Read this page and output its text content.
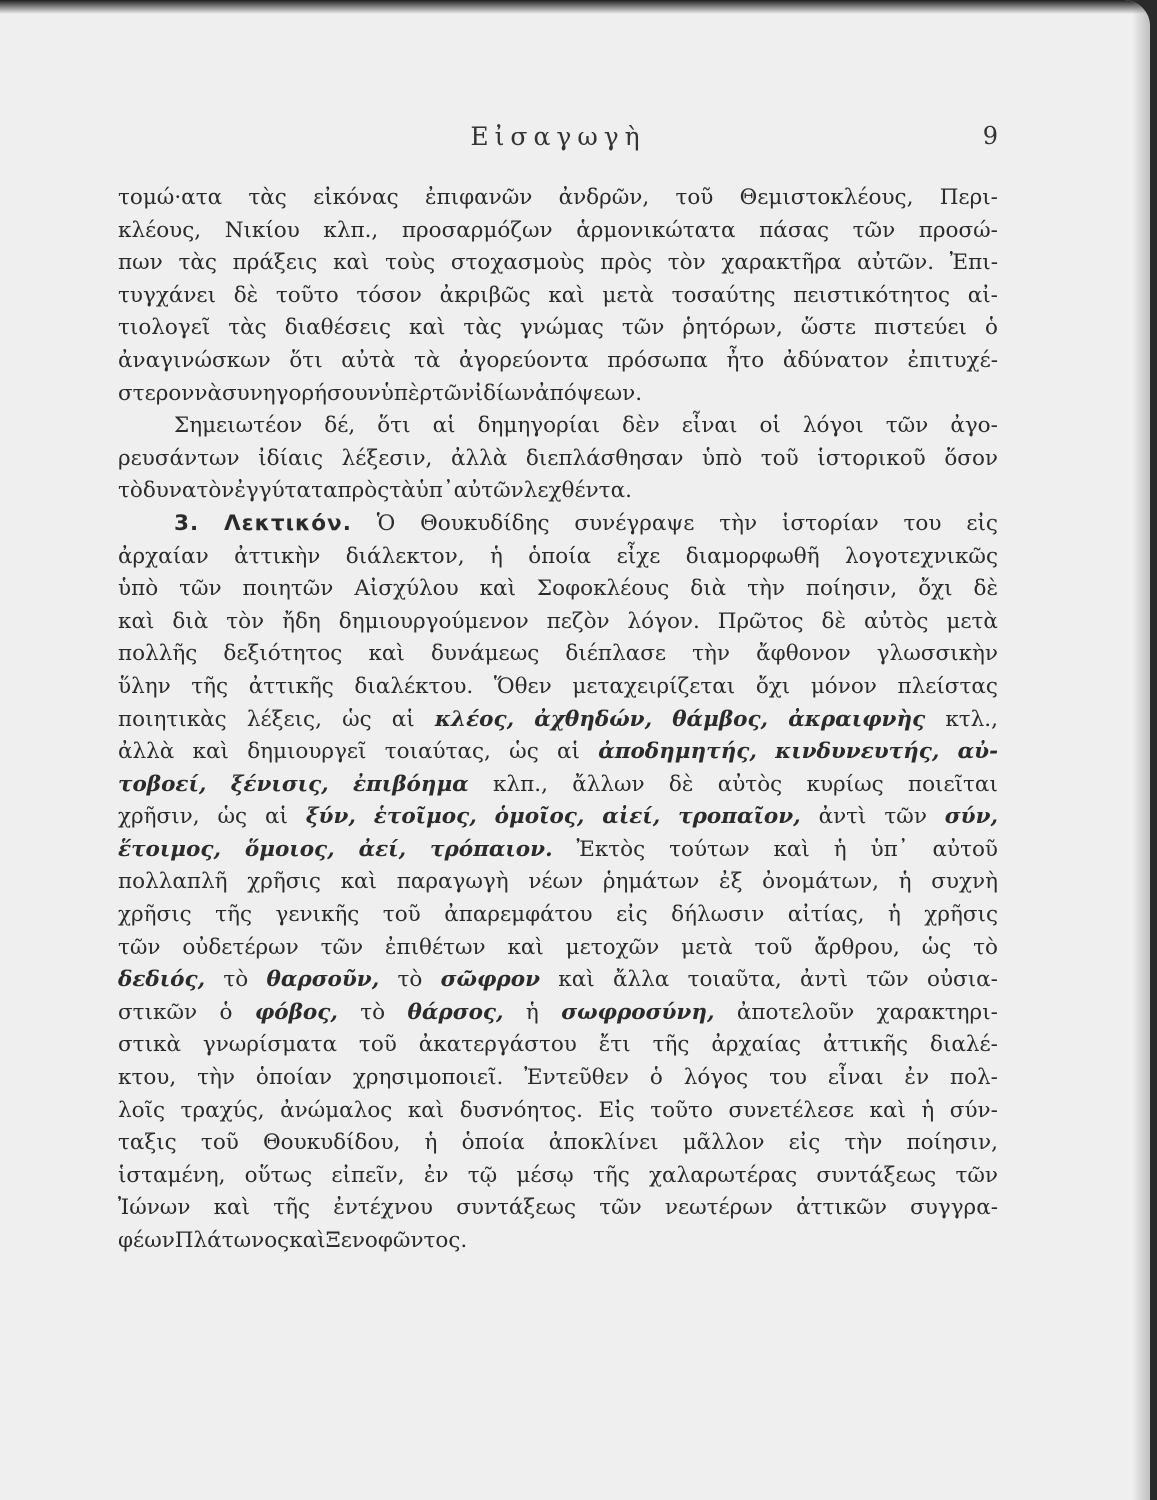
Εἰσαγωγὴ	9
τομώ·ατα τὰς εἰκόνας ἐπιφανῶν ἀνδρῶν, τοῦ Θεμιστοκλέους, Περι-
κλέους, Νικίου κλπ., προσαρμόζων ἁρμονικώτατα πάσας τῶν προσώ-
πων τὰς πράξεις καὶ τοὺς στοχασμοὺς πρὸς τὸν χαρακτῆρα αὐτῶν. Ἐπι-
τυγχάνει δὲ τοῦτο τόσον ἀκριβῶς καὶ μετὰ τοσαύτης πειστικότητος αἰ-
τιολογεῖ τὰς διαθέσεις καὶ τὰς γνώμας τῶν ῥητόρων, ὥστε πιστεύει ὁ
ἀναγινώσκων ὅτι αὐτὰ τὰ ἀγορεύοντα πρόσωπα ἦτο ἀδύνατον ἐπιτυχέ-
στερον νὰ συνηγορήσουν ὑπὲρ τῶν ἰδίων ἀπόψεων.
Σημειωτέον δέ, ὅτι αἱ δημηγορίαι δὲν εἶναι οἱ λόγοι τῶν ἀγο-
ρευσάντων ἰδίαις λέξεσιν, ἀλλὰ διεπλάσθησαν ὑπὸ τοῦ ἱστορικοῦ ὅσον
τὸ δυνατὸν ἐγγύτατα πρὸς τὰ ὑπ᾽ αὐτῶν λεχθέντα.
3. Λεκτικόν. Ὁ Θουκυδίδης συνέγραψε τὴν ἱστορίαν του εἰς
ἀρχαίαν ἀττικὴν διάλεκτον, ἡ ὁποία εἶχε διαμορφωθῆ λογοτεχνικῶς
ὑπὸ τῶν ποιητῶν Αἰσχύλου καὶ Σοφοκλέους διὰ τὴν ποίησιν, ὄχι δὲ
καὶ διὰ τὸν ἤδη δημιουργούμενον πεζὸν λόγον. Πρῶτος δὲ αὐτὸς μετὰ
πολλῆς δεξιότητος καὶ δυνάμεως διέπλασε τὴν ἄφθονον γλωσσικὴν
ὕλην τῆς ἀττικῆς διαλέκτου. Ὅθεν μεταχειρίζεται ὄχι μόνον πλείστας
ποιητικὰς λέξεις, ὡς αἱ κλέος, ἀχθηδών, θάμβος, ἀκραιφνὴς κτλ.,
ἀλλὰ καὶ δημιουργεῖ τοιαύτας, ὡς αἱ ἀποδημητής, κινδυνευτής, αὐ-
τοβοεί, ξένισις, ἐπιβόημα κλπ., ἄλλων δὲ αὐτὸς κυρίως ποιεῖται
χρῆσιν, ὡς αἱ ξύν, ἑτοῖμος, ὁμοῖος, αἰεί, τροπαῖον, ἀντὶ τῶν σύν,
ἕτοιμος, ὅμοιος, ἀεί, τρόπαιον. Ἐκτὸς τούτων καὶ ἡ ὑπ᾽ αὐτοῦ
πολλαπλῆ χρῆσις καὶ παραγωγὴ νέων ῥημάτων ἐξ ὀνομάτων, ἡ συχνὴ
χρῆσις τῆς γενικῆς τοῦ ἀπαρεμφάτου εἰς δήλωσιν αἰτίας, ἡ χρῆσις
τῶν οὐδετέρων τῶν ἐπιθέτων καὶ μετοχῶν μετὰ τοῦ ἄρθρου, ὡς τὸ
δεδιός, τὸ θαρσοῦν, τὸ σῶφρον καὶ ἄλλα τοιαῦτα, ἀντὶ τῶν οὐσια-
στικῶν ὁ φόβος, τὸ θάρσος, ἡ σωφροσύνη, ἀποτελοῦν χαρακτηρι-
στικὰ γνωρίσματα τοῦ ἀκατεργάστου ἔτι τῆς ἀρχαίας ἀττικῆς διαλέ-
κτου, τὴν ὁποίαν χρησιμοποιεῖ. Ἐντεῦθεν ὁ λόγος του εἶναι ἐν πολ-
λοῖς τραχύς, ἀνώμαλος καὶ δυσνόητος. Εἰς τοῦτο συνετέλεσε καὶ ἡ σύν-
ταξις τοῦ Θουκυδίδου, ἡ ὁποία ἀποκλίνει μᾶλλον εἰς τὴν ποίησιν,
ἱσταμένη, οὕτως εἰπεῖν, ἐν τῷ μέσῳ τῆς χαλαρωτέρας συντάξεως τῶν
Ἰώνων καὶ τῆς ἐντέχνου συντάξεως τῶν νεωτέρων ἀττικῶν συγγρα-
φέων Πλάτωνος καὶ Ξενοφῶντος.
